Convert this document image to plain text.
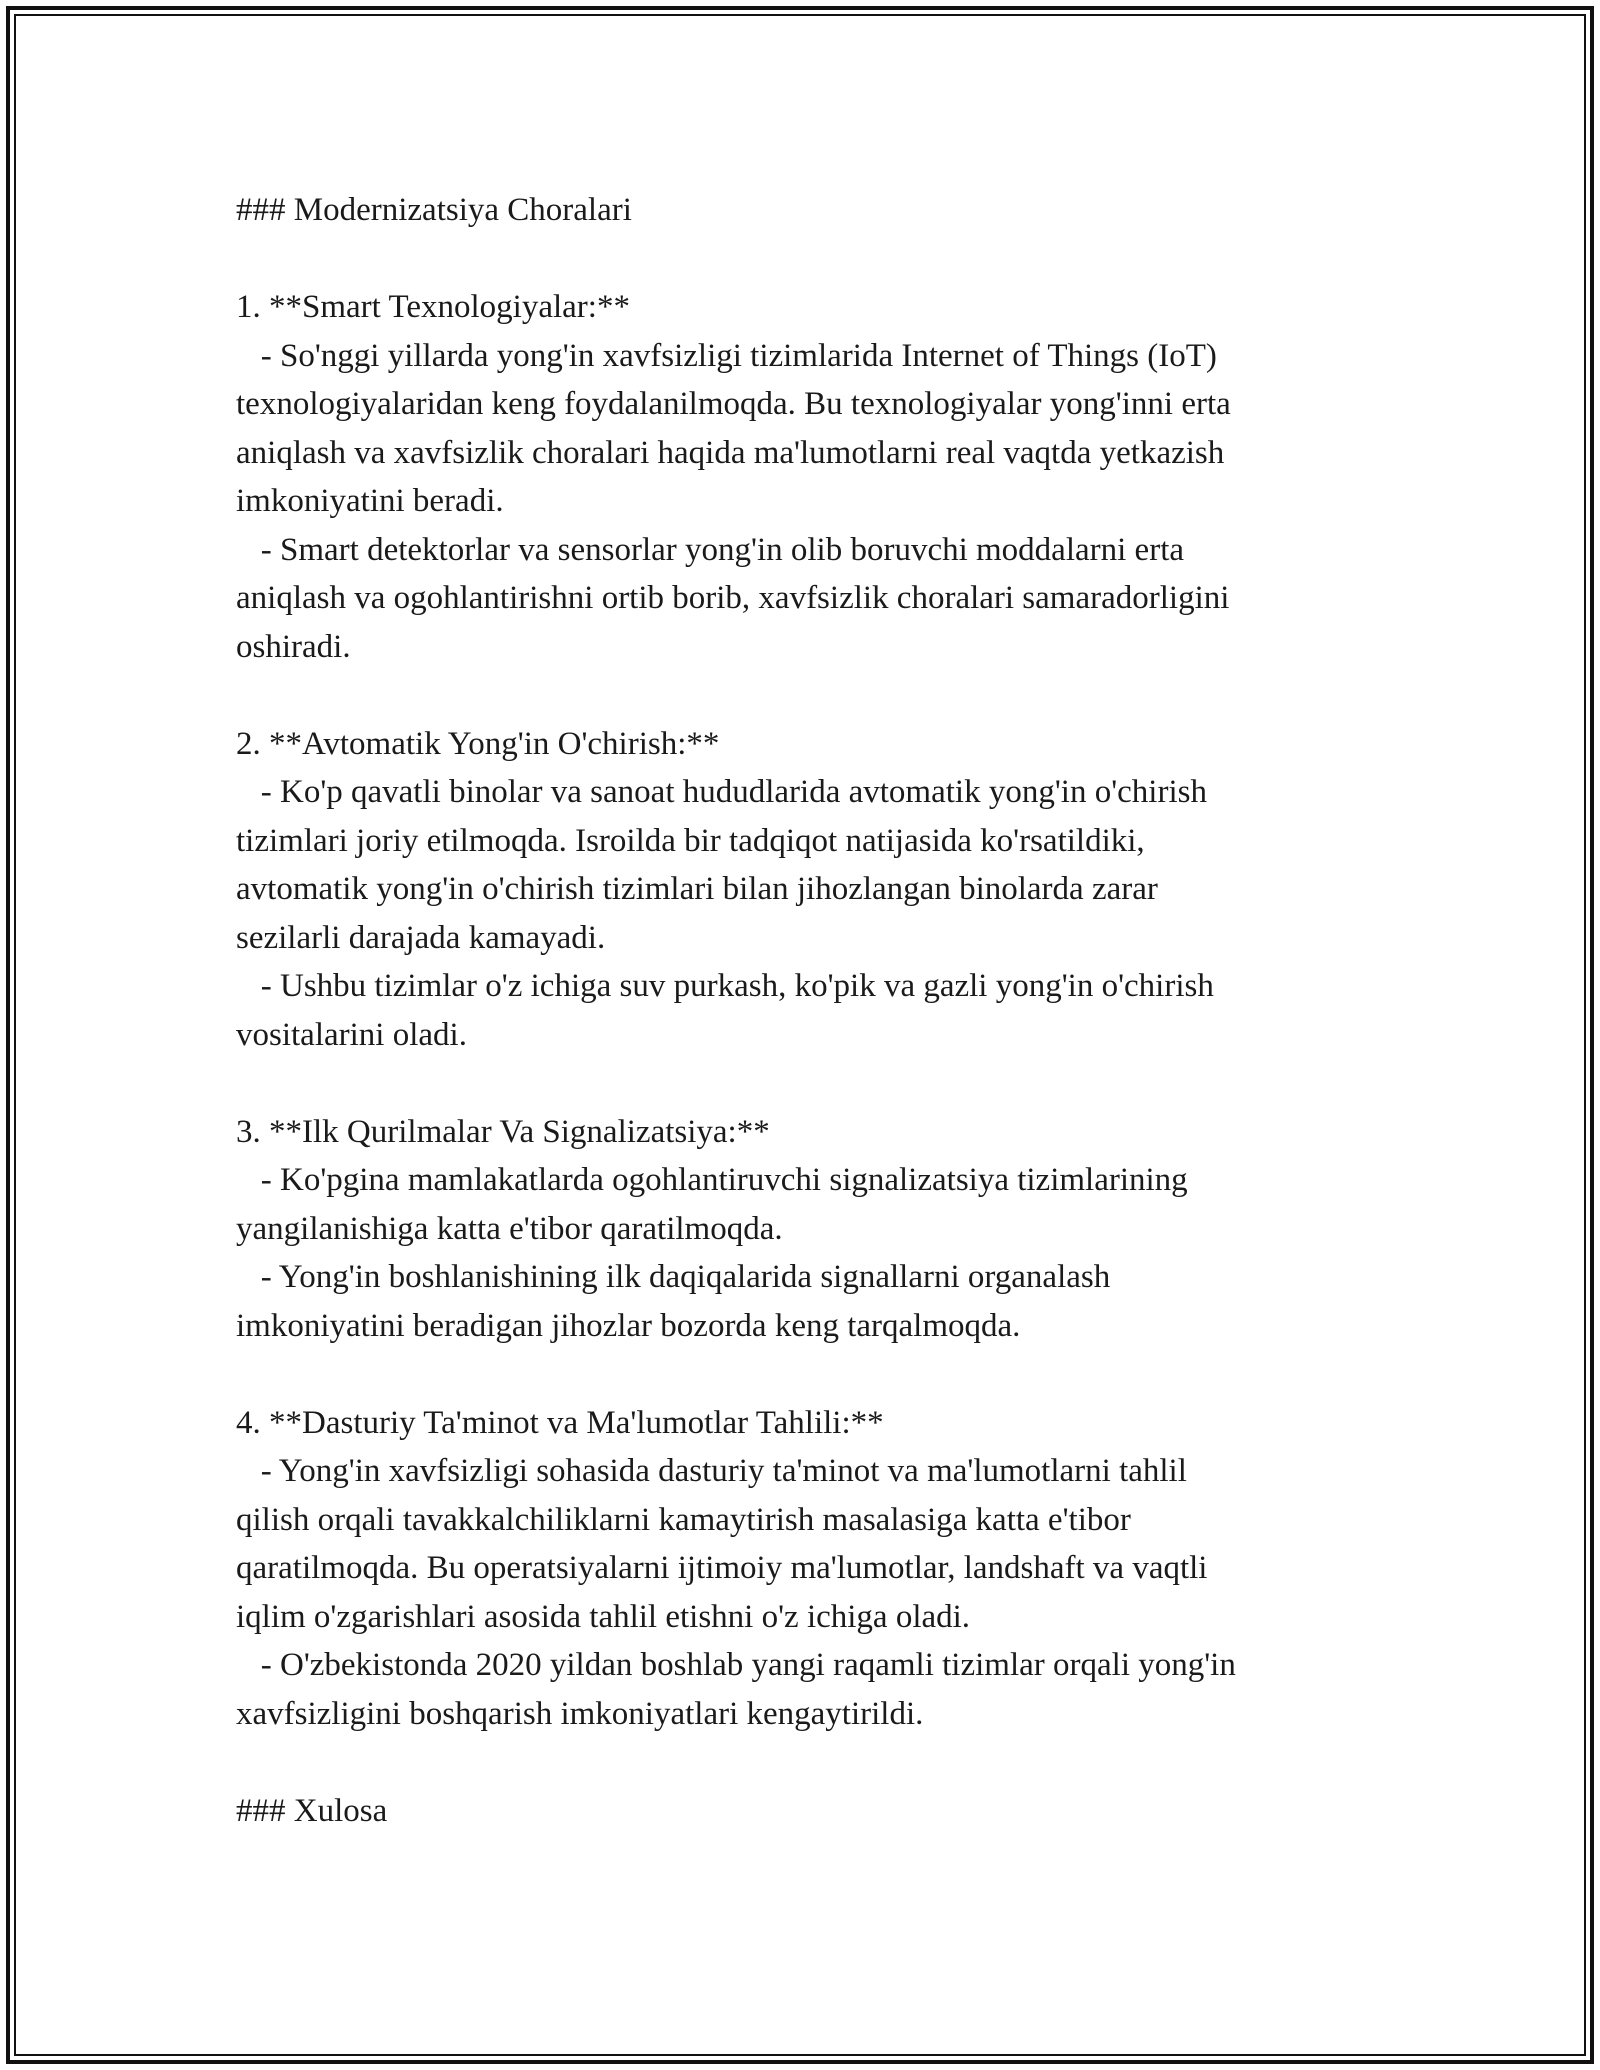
### Modernizatsiya Choralari

1. **Smart Texnologiyalar:**

- So'nggi yillarda yong'in xavfsizligi tizimlarida Internet of Things (IoT)

texnologiyalaridan keng foydalanilmoqda. Bu texnologiyalar yong'inni erta

aniqlash va xavfsizlik choralari haqida ma'lumotlarni real vaqtda yetkazish

imkoniyatini beradi.

- Smart detektorlar va sensorlar yong'in olib boruvchi moddalarni erta

aniqlash va ogohlantirishni ortib borib, xavfsizlik choralari samaradorligini

oshiradi.

2. **Avtomatik Yong'in O'chirish:**

- Ko'p qavatli binolar va sanoat hududlarida avtomatik yong'in o'chirish

tizimlari joriy etilmoqda. Isroilda bir tadqiqot natijasida ko'rsatildiki,

avtomatik yong'in o'chirish tizimlari bilan jihozlangan binolarda zarar

sezilarli darajada kamayadi.

- Ushbu tizimlar o'z ichiga suv purkash, ko'pik va gazli yong'in o'chirish

vositalarini oladi.

3. **Ilk Qurilmalar Va Signalizatsiya:**

- Ko'pgina mamlakatlarda ogohlantiruvchi signalizatsiya tizimlarining

yangilanishiga katta e'tibor qaratilmoqda.

- Yong'in boshlanishining ilk daqiqalarida signallarni organalash

imkoniyatini beradigan jihozlar bozorda keng tarqalmoqda.

4. **Dasturiy Ta'minot va Ma'lumotlar Tahlili:**

- Yong'in xavfsizligi sohasida dasturiy ta'minot va ma'lumotlarni tahlil

qilish orqali tavakkalchiliklarni kamaytirish masalasiga katta e'tibor

qaratilmoqda. Bu operatsiyalarni ijtimoiy ma'lumotlar, landshaft va vaqtli

iqlim o'zgarishlari asosida tahlil etishni o'z ichiga oladi.

- O'zbekistonda 2020 yildan boshlab yangi raqamli tizimlar orqali yong'in

xavfsizligini boshqarish imkoniyatlari kengaytirildi.

### Xulosa
